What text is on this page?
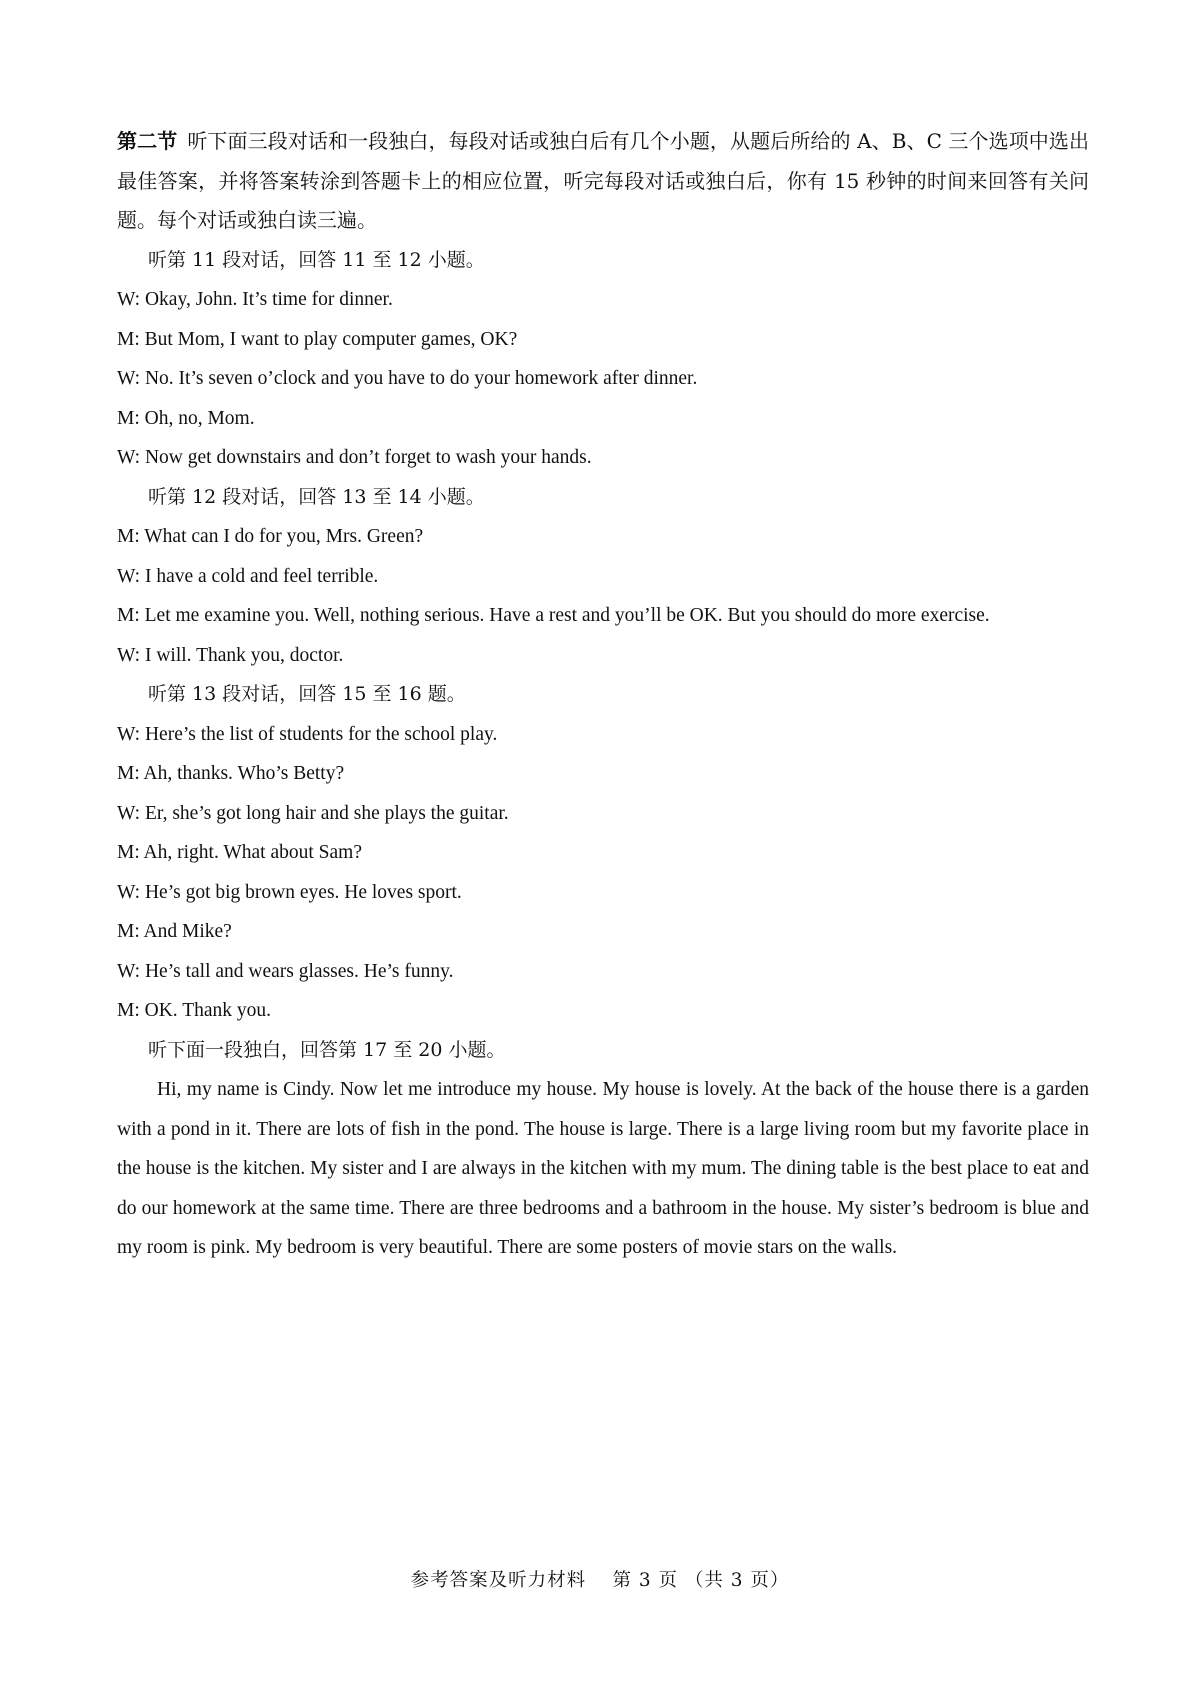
第二节 听下面三段对话和一段独白，每段对话或独白后有几个小题，从题后所给的 A、B、C 三个选项中选出最佳答案，并将答案转涂到答题卡上的相应位置，听完每段对话或独白后，你有 15 秒钟的时间来回答有关问题。每个对话或独白读三遍。

听第 11 段对话，回答 11 至 12 小题。

W: Okay, John. It’s time for dinner.

M: But Mom, I want to play computer games, OK?

W: No. It’s seven o’clock and you have to do your homework after dinner.

M: Oh, no, Mom.

W: Now get downstairs and don’t forget to wash your hands.

听第 12 段对话，回答 13 至 14 小题。

M: What can I do for you, Mrs. Green?

W: I have a cold and feel terrible.

M: Let me examine you. Well, nothing serious. Have a rest and you’ll be OK. But you should do more exercise.

W: I will. Thank you, doctor.

听第 13 段对话，回答 15 至 16 题。

W: Here’s the list of students for the school play.

M: Ah, thanks. Who’s Betty?

W: Er, she’s got long hair and she plays the guitar.

M: Ah, right. What about Sam?

W: He’s got big brown eyes. He loves sport.

M: And Mike?

W: He’s tall and wears glasses. He’s funny.

M: OK. Thank you.

听下面一段独白，回答第 17 至 20 小题。

Hi, my name is Cindy. Now let me introduce my house. My house is lovely. At the back of the house there is a garden with a pond in it. There are lots of fish in the pond. The house is large. There is a large living room but my favorite place in the house is the kitchen. My sister and I are always in the kitchen with my mum. The dining table is the best place to eat and do our homework at the same time. There are three bedrooms and a bathroom in the house. My sister’s bedroom is blue and my room is pink. My bedroom is very beautiful. There are some posters of movie stars on the walls.

参考答案及听力材料　 第 3 页 （共 3 页）
